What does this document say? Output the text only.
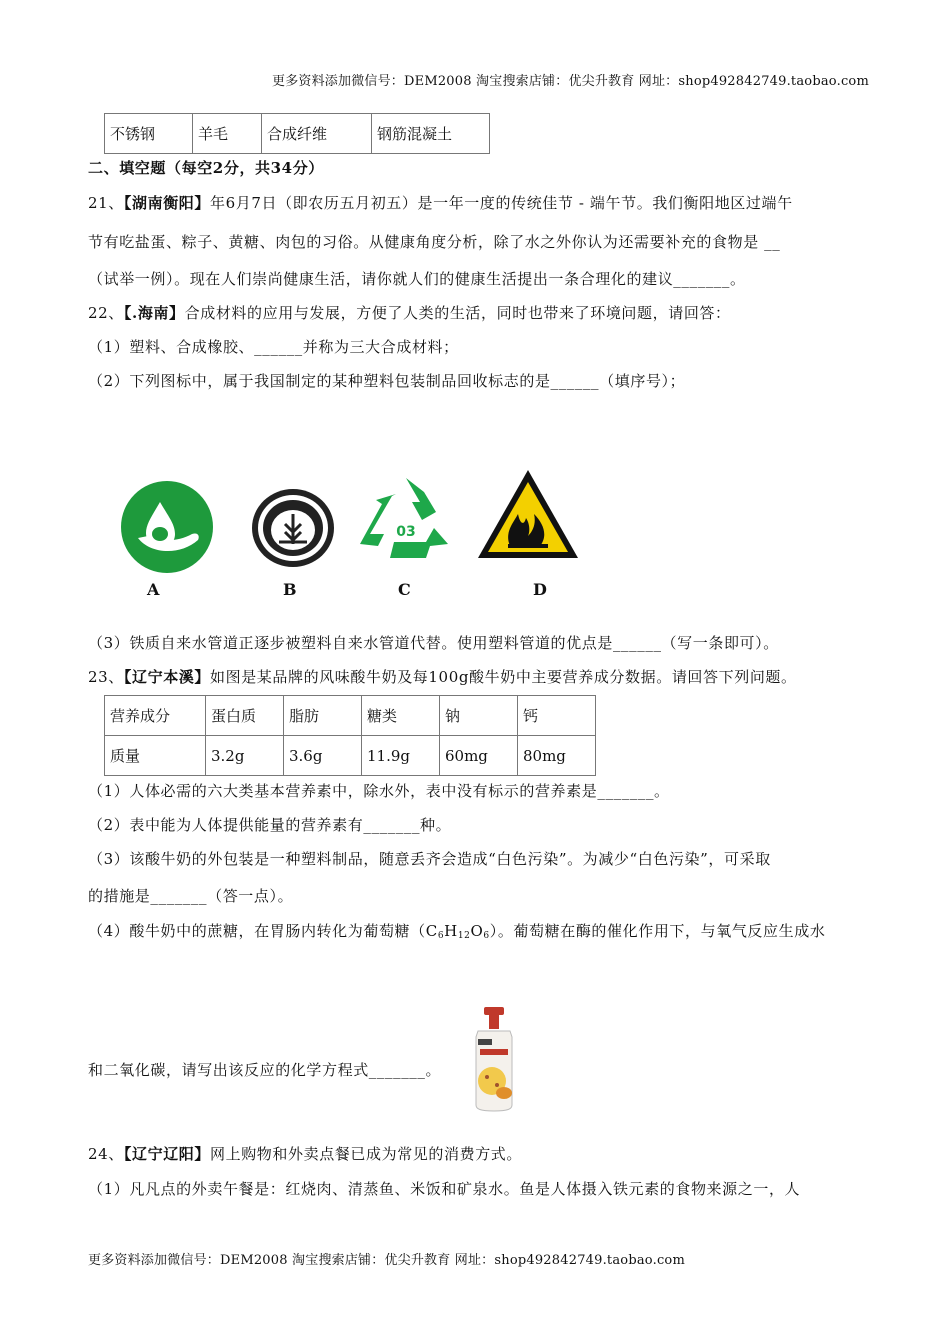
更多资料添加微信号：DEM2008 淘宝搜索店铺：优尖升教育 网址：shop492842749.taobao.com
不锈钢	羊毛	合成纤维	钢筋混凝土
二、填空题（每空2分，共34分）
21、【湖南衡阳】年6月7日（即农历五月初五）是一年一度的传统佳节 - 端午节。我们衡阳地区过端午
节有吃盐蛋、粽子、黄糖、肉包的习俗。从健康角度分析，除了水之外你认为还需要补充的食物是 __
（试举一例）。现在人们崇尚健康生活，请你就人们的健康生活提出一条合理化的建议_______。
22、【.海南】合成材料的应用与发展，方便了人类的生活，同时也带来了环境问题，请回答：
（1）塑料、合成橡胶、______并称为三大合成材料；
（2）下列图标中，属于我国制定的某种塑料包装制品回收标志的是______（填序号）；
03
A	B	C	D
（3）铁质自来水管道正逐步被塑料自来水管道代替。使用塑料管道的优点是______（写一条即可）。
23、【辽宁本溪】如图是某品牌的风味酸牛奶及每100g酸牛奶中主要营养成分数据。请回答下列问题。
营养成分	蛋白质	脂肪	糖类	钠	钙
质量	3.2g	3.6g	11.9g	60mg	80mg
（1）人体必需的六大类基本营养素中，除水外，表中没有标示的营养素是_______。
（2）表中能为人体提供能量的营养素有_______种。
（3）该酸牛奶的外包装是一种塑料制品，随意丢齐会造成“白色污染”。为减少“白色污染”，可采取
的措施是_______（答一点）。
（4）酸牛奶中的蔗糖，在胃肠内转化为葡萄糖$(C_6H_{12}O_6)$。葡萄糖在酶的催化作用下，与氧气反应生成水
和二氧化碳，请写出该反应的化学方程式_______。
24、【辽宁辽阳】网上购物和外卖点餐已成为常见的消费方式。
（1）凡凡点的外卖午餐是：红烧肉、清蒸鱼、米饭和矿泉水。鱼是人体摄入铁元素的食物来源之一，人
更多资料添加微信号：DEM2008 淘宝搜索店铺：优尖升教育 网址：shop492842749.taobao.com
